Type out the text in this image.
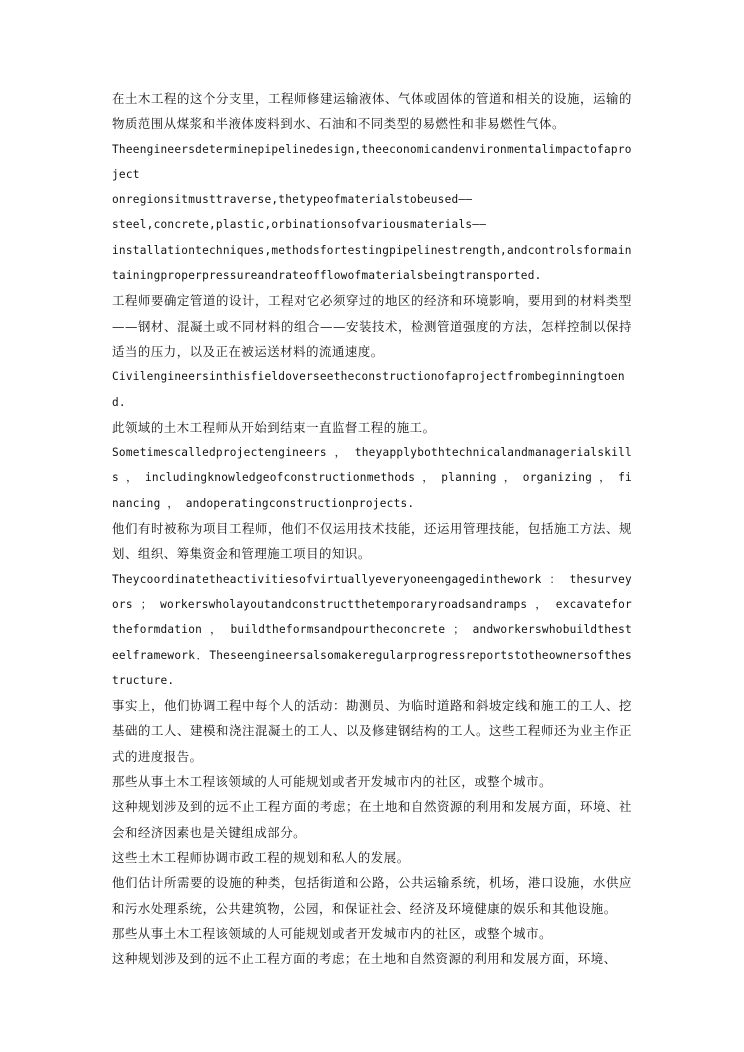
在土木工程的这个分支里，工程师修建运输液体、气体或固体的管道和相关的设施，运输的物质范围从煤浆和半液体废料到水、石油和不同类型的易燃性和非易燃性气体。

Theengineersdeterminepipelinedesign,theeconomicandenvironmentalimpactofaproject

onregionsitmusttraverse,thetypeofmaterialstobeused——

steel,concrete,plastic,orbinationsofvariousmaterials——

installationtechniques,methodsfortestingpipelinestrength,andcontrolsformaintainingproperpressureandrateofflowofmaterialsbeingtransported.

工程师要确定管道的设计，工程对它必须穿过的地区的经济和环境影响，要用到的材料类型——钢材、混凝土或不同材料的组合——安装技术，检测管道强度的方法，怎样控制以保持适当的压力，以及正在被运送材料的流通速度。

Civilengineersinthisfieldoverseetheconstructionofaprojectfrombeginningtoend.

此领域的土木工程师从开始到结束一直监督工程的施工。

Sometimescalledprojectengineers ， theyapplybothtechnicalandmanagerialskills ， includingknowledgeofconstructionmethods ， planning ， organizing ， financing ， andoperatingconstructionprojects.

他们有时被称为项目工程师，他们不仅运用技术技能，还运用管理技能，包括施工方法、规划、组织、筹集资金和管理施工项目的知识。

Theycoordinatetheactivitiesofvirtuallyeveryoneengagedinthework ： thesurveyors ； workerswholayoutandconstructthetemporaryroadsandramps ， excavatefortheformdation ， buildtheformsandpourtheconcrete ； andworkerswhobuildthesteelframework．Theseengineersalsomakeregularprogressreportstotheownersofthestructure.

事实上，他们协调工程中每个人的活动：勘测员、为临时道路和斜坡定线和施工的工人、挖基础的工人、建模和浇注混凝土的工人、以及修建钢结构的工人。这些工程师还为业主作正式的进度报告。

那些从事土木工程该领域的人可能规划或者开发城市内的社区，或整个城市。

这种规划涉及到的远不止工程方面的考虑；在土地和自然资源的利用和发展方面，环境、社会和经济因素也是关键组成部分。

这些土木工程师协调市政工程的规划和私人的发展。

他们估计所需要的设施的种类，包括街道和公路，公共运输系统，机场，港口设施，水供应和污水处理系统，公共建筑物，公园，和保证社会、经济及环境健康的娱乐和其他设施。

那些从事土木工程该领域的人可能规划或者开发城市内的社区，或整个城市。

这种规划涉及到的远不止工程方面的考虑；在土地和自然资源的利用和发展方面，环境、
